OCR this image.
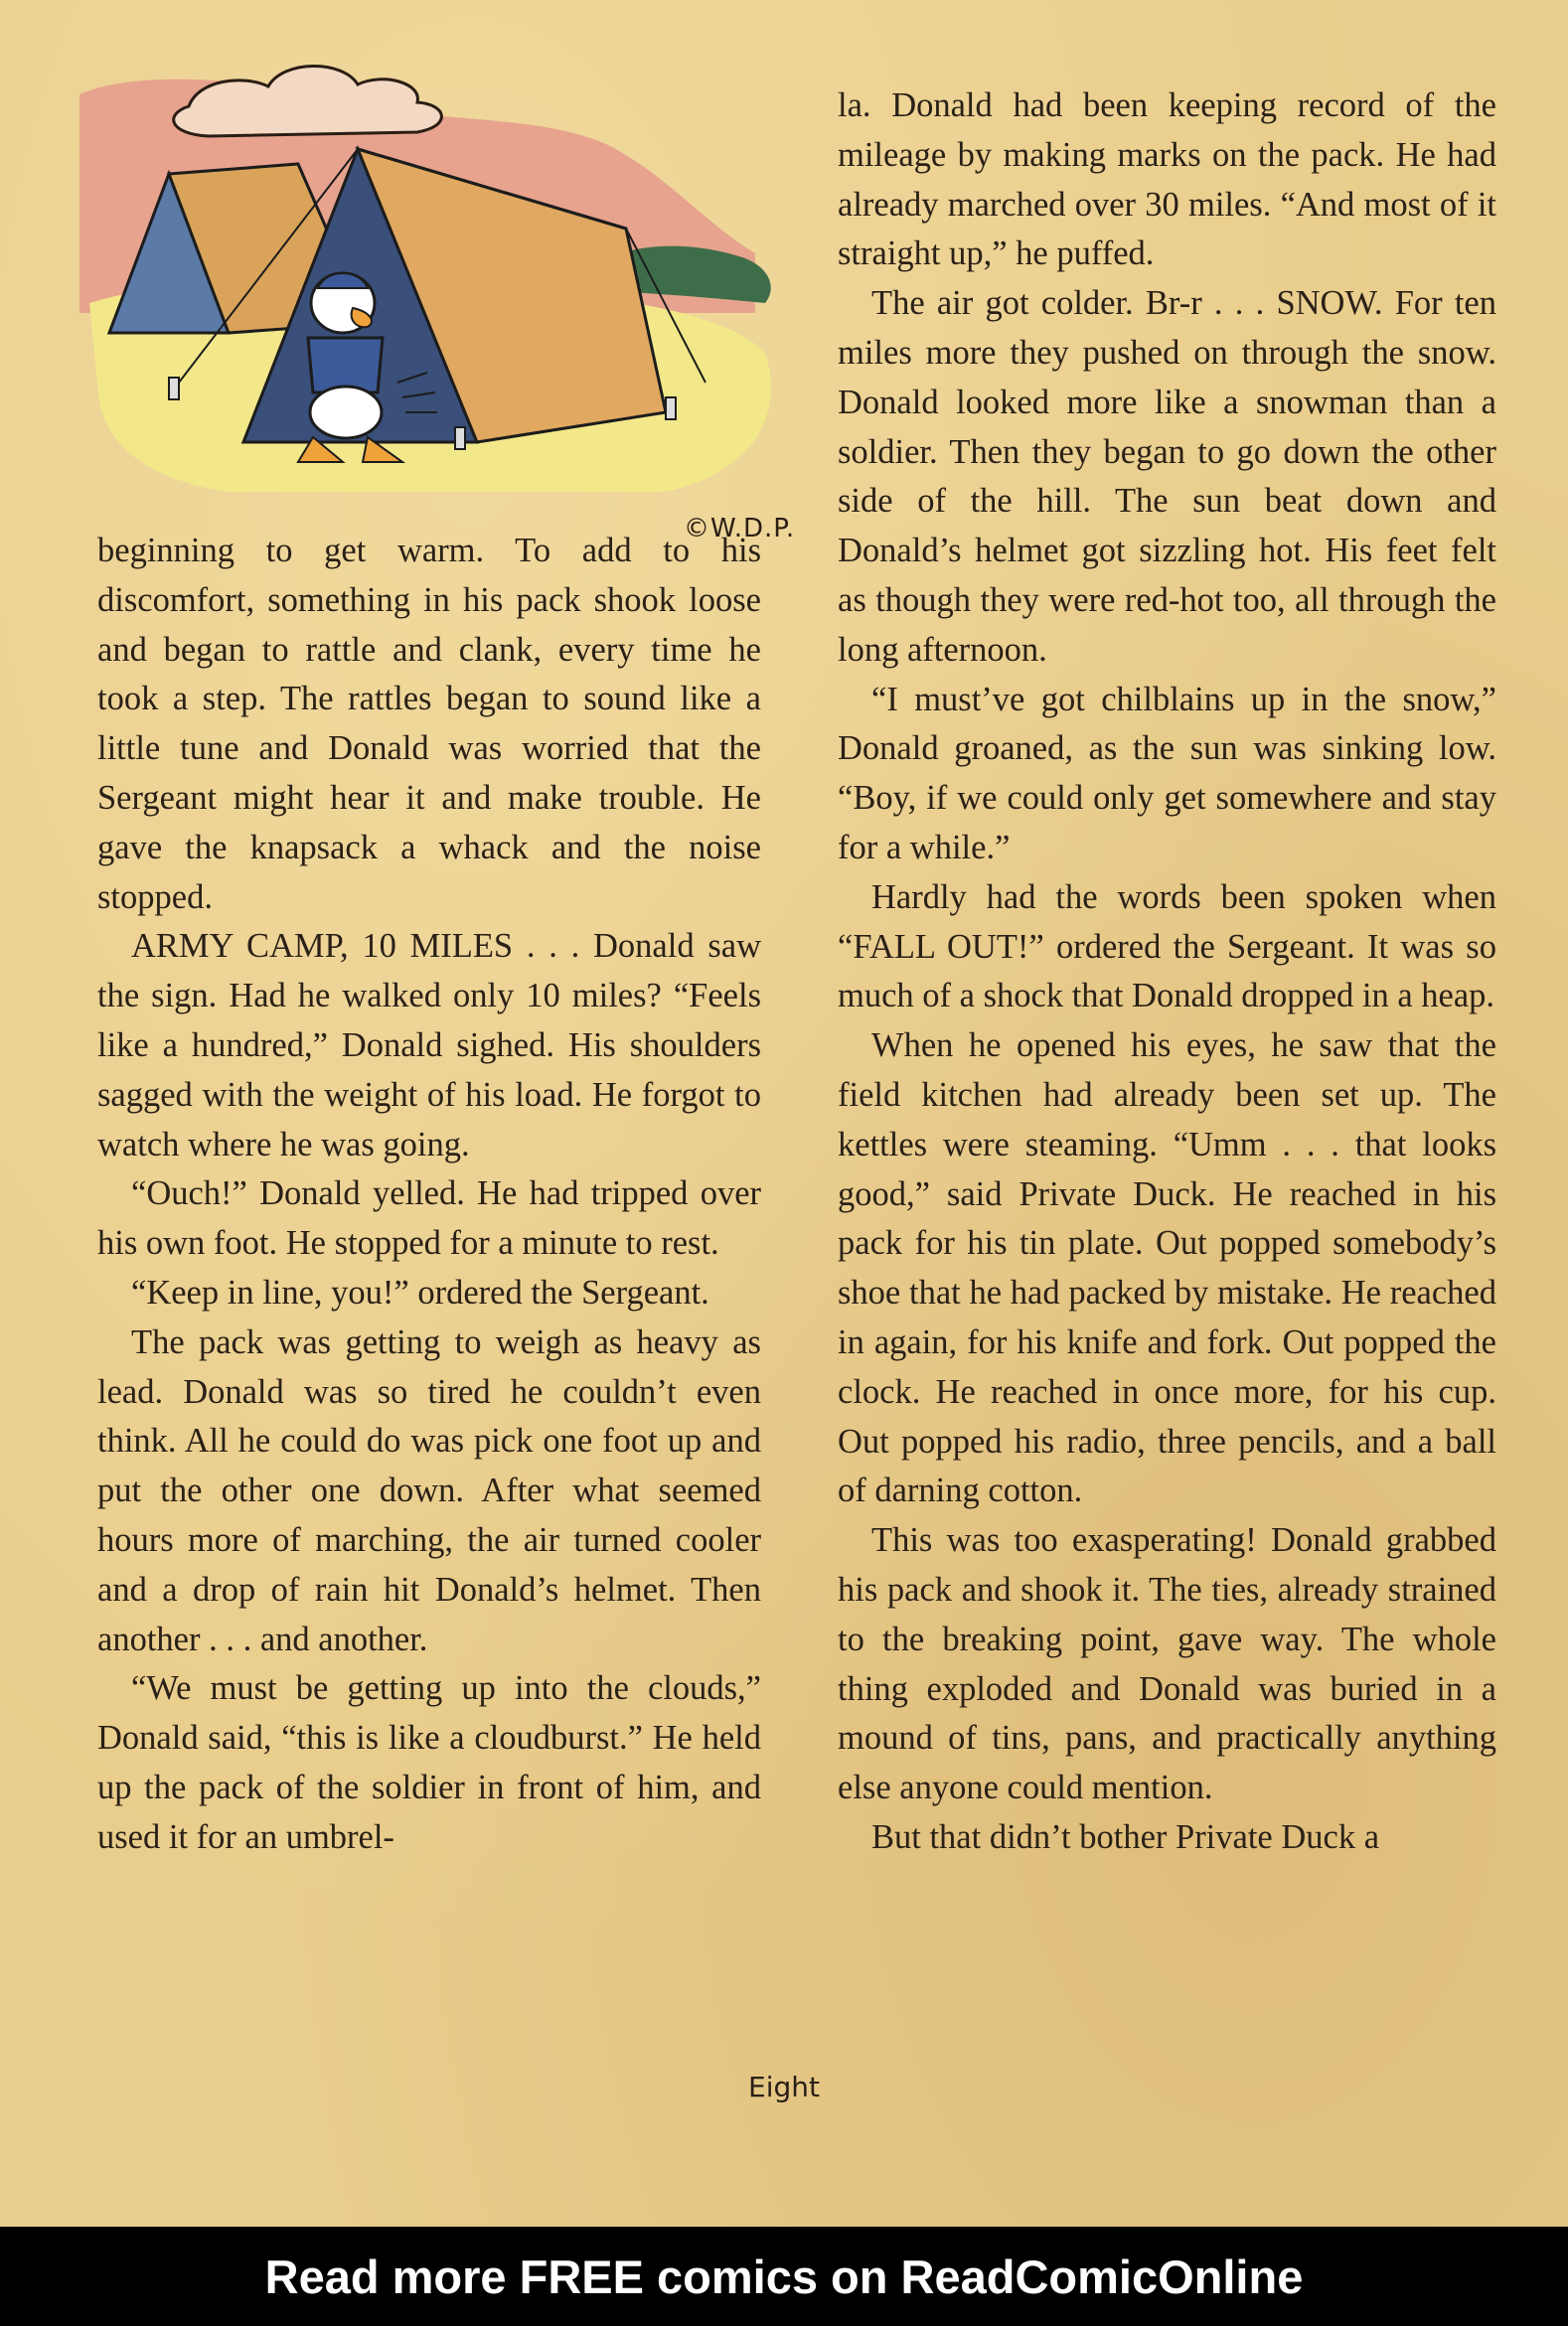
©W.D.P.

beginning to get warm. To add to his discomfort, something in his pack shook loose and began to rattle and clank, every time he took a step. The rattles began to sound like a little tune and Donald was worried that the Sergeant might hear it and make trouble. He gave the knapsack a whack and the noise stopped.

ARMY CAMP, 10 MILES . . . Donald saw the sign. Had he walked only 10 miles? “Feels like a hundred,” Donald sighed. His shoulders sagged with the weight of his load. He forgot to watch where he was going.

“Ouch!” Donald yelled. He had tripped over his own foot. He stopped for a minute to rest.

“Keep in line, you!” ordered the Sergeant.

The pack was getting to weigh as heavy as lead. Donald was so tired he couldn’t even think. All he could do was pick one foot up and put the other one down. After what seemed hours more of marching, the air turned cooler and a drop of rain hit Donald’s helmet. Then another . . . and another.

“We must be getting up into the clouds,” Donald said, “this is like a cloudburst.” He held up the pack of the soldier in front of him, and used it for an umbrel-

la. Donald had been keeping record of the mileage by making marks on the pack. He had already marched over 30 miles. “And most of it straight up,” he puffed.

The air got colder. Br-r . . . SNOW. For ten miles more they pushed on through the snow. Donald looked more like a snowman than a soldier. Then they began to go down the other side of the hill. The sun beat down and Donald’s helmet got sizzling hot. His feet felt as though they were red-hot too, all through the long afternoon.

“I must’ve got chilblains up in the snow,” Donald groaned, as the sun was sinking low. “Boy, if we could only get somewhere and stay for a while.”

Hardly had the words been spoken when “FALL OUT!” ordered the Sergeant. It was so much of a shock that Donald dropped in a heap.

When he opened his eyes, he saw that the field kitchen had already been set up. The kettles were steaming. “Umm . . . that looks good,” said Private Duck. He reached in his pack for his tin plate. Out popped somebody’s shoe that he had packed by mistake. He reached in again, for his knife and fork. Out popped the clock. He reached in once more, for his cup. Out popped his radio, three pencils, and a ball of darning cotton.

This was too exasperating! Donald grabbed his pack and shook it. The ties, already strained to the breaking point, gave way. The whole thing exploded and Donald was buried in a mound of tins, pans, and practically anything else anyone could mention.

But that didn’t bother Private Duck a

Eight
Read more FREE comics on ReadComicOnline
